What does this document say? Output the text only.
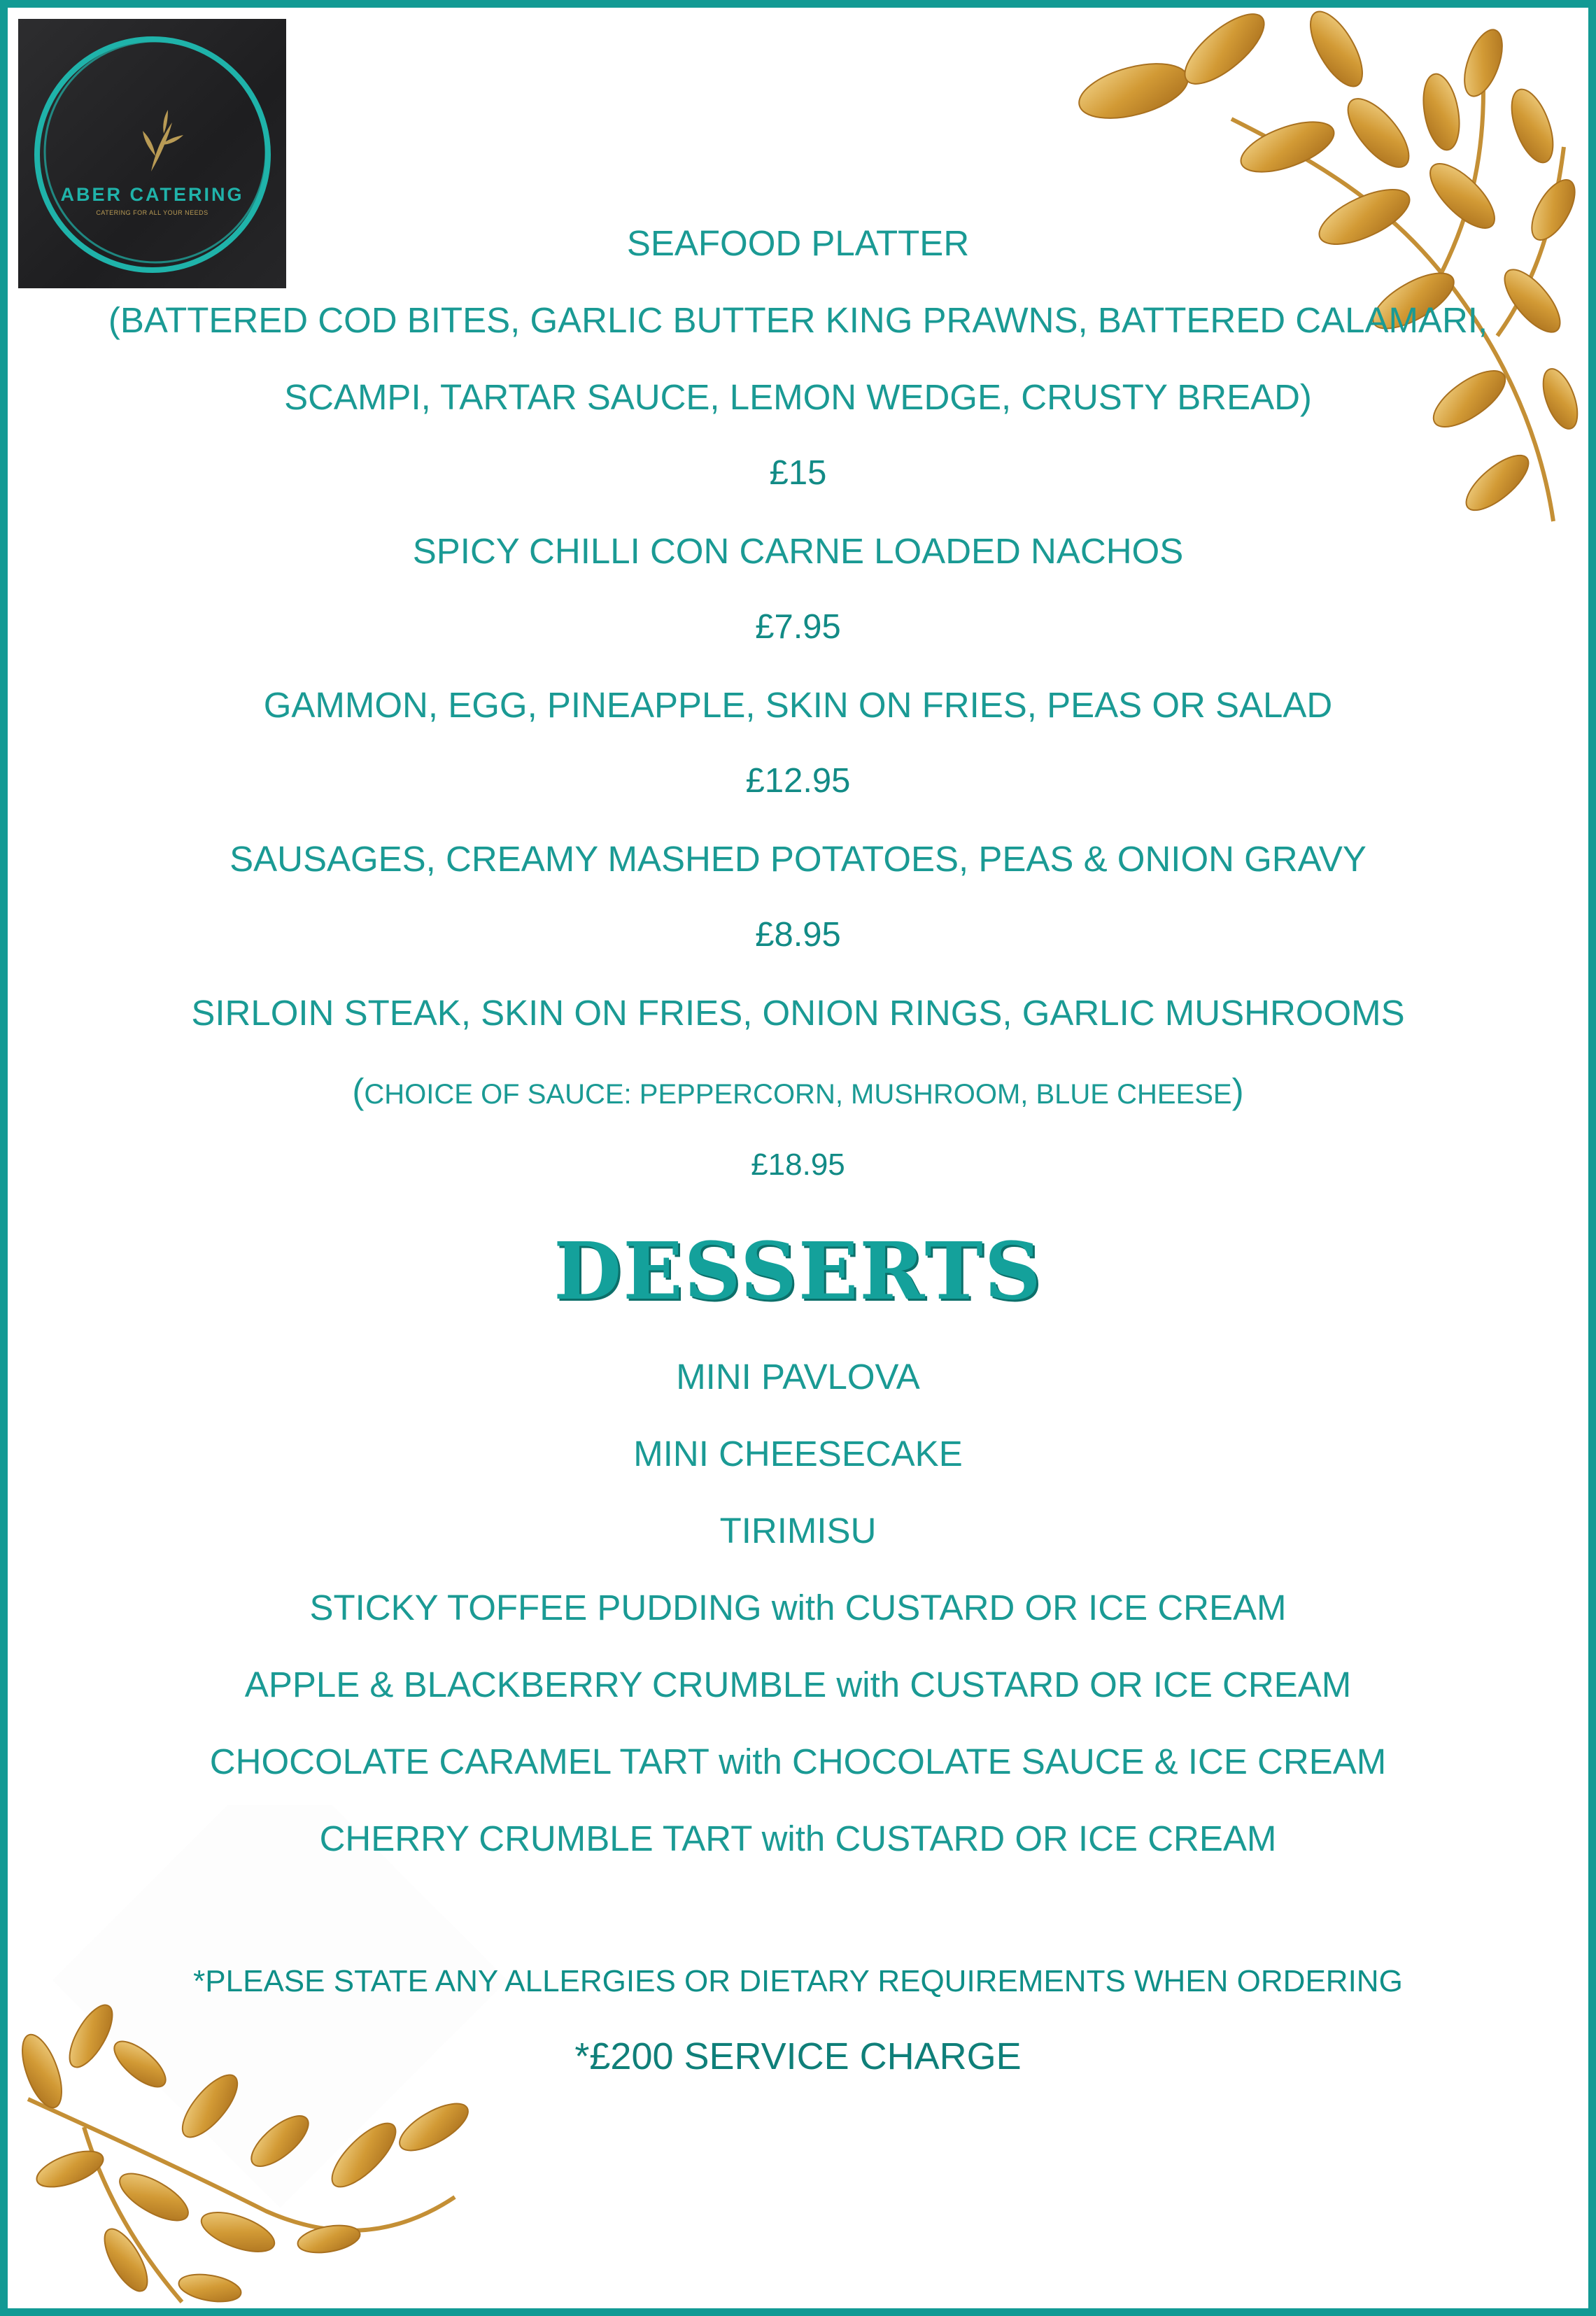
ABER CATERING
CATERING FOR ALL YOUR NEEDS
SEAFOOD PLATTER
(BATTERED COD BITES, GARLIC BUTTER KING PRAWNS, BATTERED CALAMARI,
SCAMPI, TARTAR SAUCE, LEMON WEDGE, CRUSTY BREAD)
£15
SPICY CHILLI CON CARNE LOADED NACHOS
£7.95
GAMMON, EGG, PINEAPPLE, SKIN ON FRIES, PEAS OR SALAD
£12.95
SAUSAGES, CREAMY MASHED POTATOES, PEAS & ONION GRAVY
£8.95
SIRLOIN STEAK, SKIN ON FRIES, ONION RINGS, GARLIC MUSHROOMS
(CHOICE OF SAUCE: PEPPERCORN, MUSHROOM, BLUE CHEESE)
£18.95
DESSERTS
MINI PAVLOVA
MINI CHEESECAKE
TIRIMISU
STICKY TOFFEE PUDDING with CUSTARD OR ICE CREAM
APPLE & BLACKBERRY CRUMBLE with CUSTARD OR ICE CREAM
CHOCOLATE CARAMEL TART with CHOCOLATE SAUCE & ICE CREAM
CHERRY CRUMBLE TART with CUSTARD OR ICE CREAM
*PLEASE STATE ANY ALLERGIES OR DIETARY REQUIREMENTS WHEN ORDERING
*£200 SERVICE CHARGE
